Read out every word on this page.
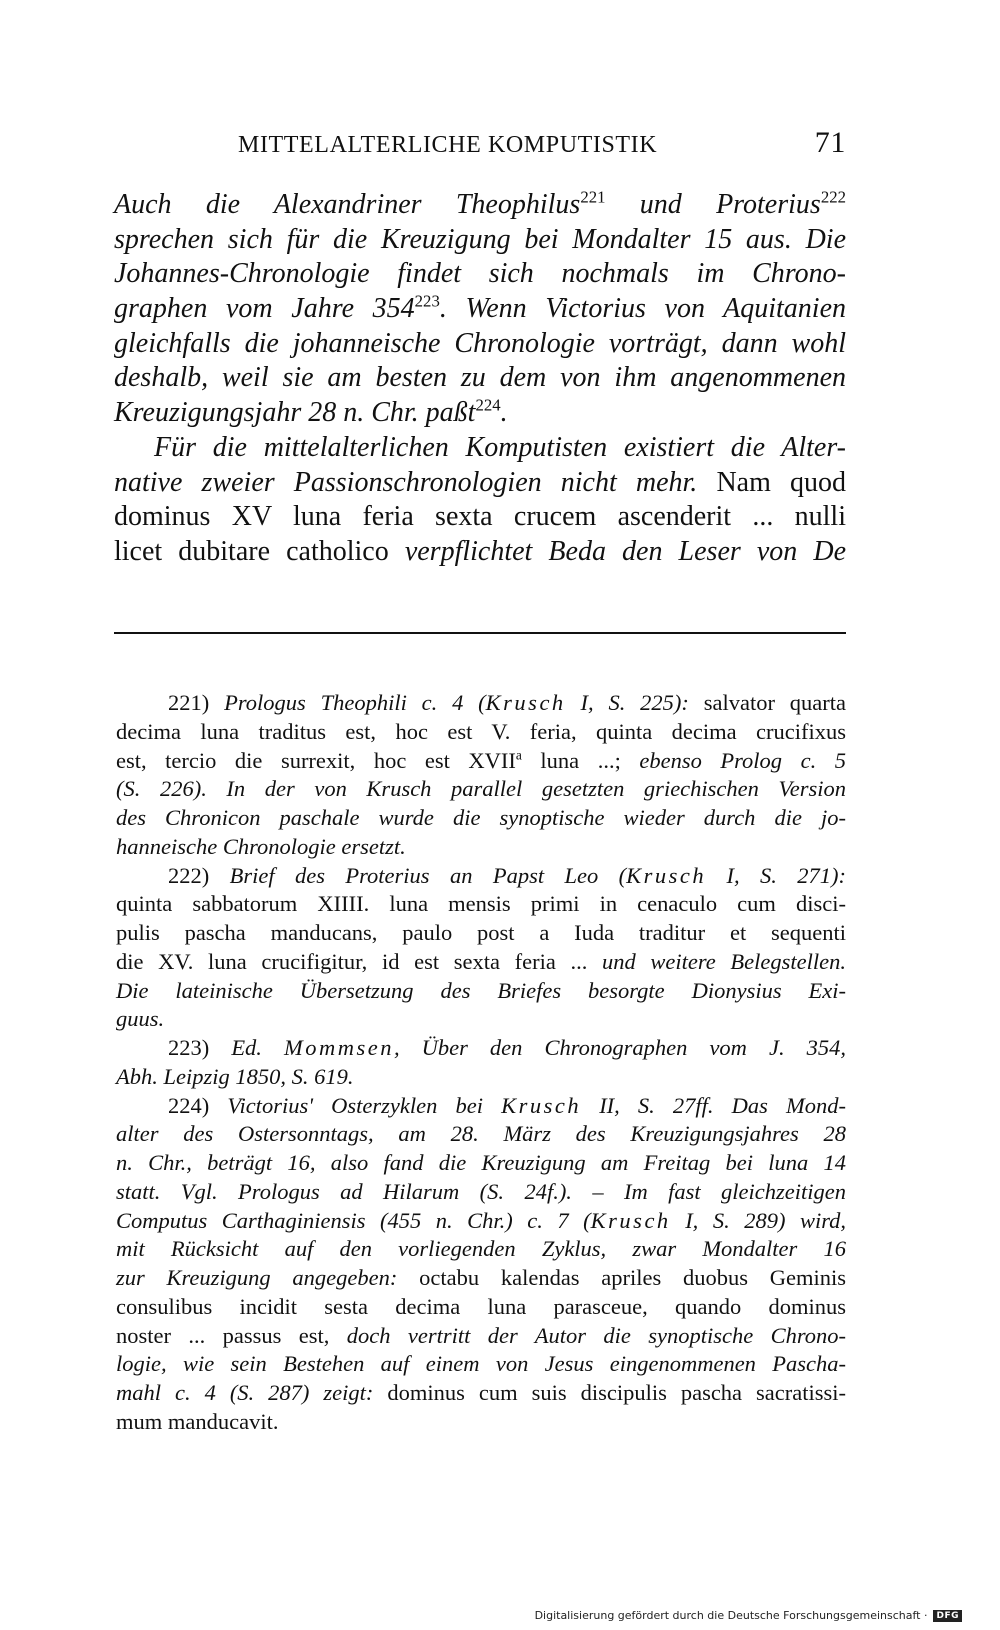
MITTELALTERLICHE KOMPUTISTIK	71
Auch die Alexandriner Theophilus$^{221}$ und Proterius$^{222}$
sprechen sich für die Kreuzigung bei Mondalter 15 aus. Die
Johannes-Chronologie findet sich nochmals im Chrono-
graphen vom Jahre $354^{223}$. Wenn Victorius von Aquitanien
gleichfalls die johanneische Chronologie vorträgt, dann wohl
deshalb, weil sie am besten zu dem von ihm angenommenen
Kreuzigungsjahr 28 n. Chr. paßt$^{224}$.
Für die mittelalterlichen Komputisten existiert die Alter-
native zweier Passionschronologien nicht mehr. Nam quod
dominus XV luna feria sexta crucem ascenderit ... nulli
licet dubitare catholico verpflichtet Beda den Leser von De
221) Prologus Theophili c. 4 (Krusch I, S. 225): salvator quarta
decima luna traditus est, hoc est V. feria, quinta decima crucifixus
est, tercio die surrexit, hoc est XVII$^a$ luna ...; ebenso Prolog c. 5
(S. 226). In der von Krusch parallel gesetzten griechischen Version
des Chronicon paschale wurde die synoptische wieder durch die jo-
hanneische Chronologie ersetzt.
222) Brief des Proterius an Papst Leo (Krusch I, S. 271):
quinta sabbatorum XIIII. luna mensis primi in cenaculo cum disci-
pulis pascha manducans, paulo post a Iuda traditur et sequenti
die XV. luna crucifigitur, id est sexta feria ... und weitere Belegstellen.
Die lateinische Übersetzung des Briefes besorgte Dionysius Exi-
guus.
223) Ed. Mommsen, Über den Chronographen vom J. 354,
Abh. Leipzig 1850, S. 619.
224) Victorius' Osterzyklen bei Krusch II, S. 27ff. Das Mond-
alter des Ostersonntags, am 28. März des Kreuzigungsjahres 28
n. Chr., beträgt 16, also fand die Kreuzigung am Freitag bei luna 14
statt. Vgl. Prologus ad Hilarum (S. 24f.). – Im fast gleichzeitigen
Computus Carthaginiensis (455 n. Chr.) c. 7 (Krusch I, S. 289) wird,
mit Rücksicht auf den vorliegenden Zyklus, zwar Mondalter 16
zur Kreuzigung angegeben: octabu kalendas apriles duobus Geminis
consulibus incidit sesta decima luna parasceue, quando dominus
noster ... passus est, doch vertritt der Autor die synoptische Chrono-
logie, wie sein Bestehen auf einem von Jesus eingenommenen Pascha-
mahl c. 4 (S. 287) zeigt: dominus cum suis discipulis pascha sacratissi-
mum manducavit.
Digitalisierung gefördert durch die Deutsche Forschungsgemeinschaft ·	DFG
